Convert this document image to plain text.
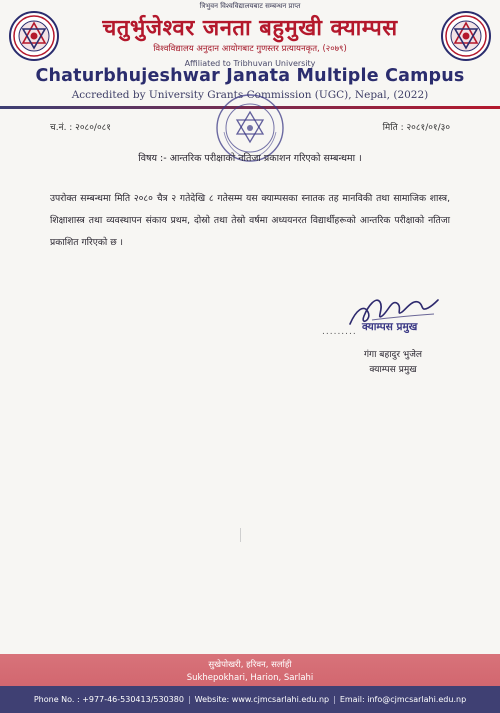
त्रिभुवन विश्वविद्यालयबाट सम्बन्धन प्राप्त
चतुर्भुजेश्वर जनता बहुमुखी क्याम्पस
विश्वविद्यालय अनुदान आयोगबाट गुणस्तर प्रत्यायनकृत, (२०७९)
Affiliated to Tribhuvan University
Chaturbhujeshwar Janata Multiple Campus
Accredited by University Grants Commission (UGC), Nepal, (2022)
च.नं. : २०८०/०८१	मिति : २०८१/०१/३०
विषय :- आन्तरिक परीक्षाको नतिजा प्रकाशन गरिएको सम्बन्धमा ।
उपरोक्त सम्बन्धमा मिति २०८० चैत्र २ गतेदेखि ८ गतेसम्म यस क्याम्पसका स्नातक तह मानविकी तथा सामाजिक शास्त्र, शिक्षाशास्त्र तथा व्यवस्थापन संकाय प्रथम, दोस्रो तथा तेस्रो वर्षमा अध्ययनरत विद्यार्थीहरूको आन्तरिक परीक्षाको नतिजा प्रकाशित गरिएको छ ।
......... क्याम्पस प्रमुख
गंगा बहादुर भुजेल
क्याम्पस प्रमुख
सुखेपोखरी, हरिवन, सर्लाही
Sukhepokhari, Harion, Sarlahi
Phone No. : +977-46-530413/530380 | Website: www.cjmcsarlahi.edu.np | Email: info@cjmcsarlahi.edu.np
